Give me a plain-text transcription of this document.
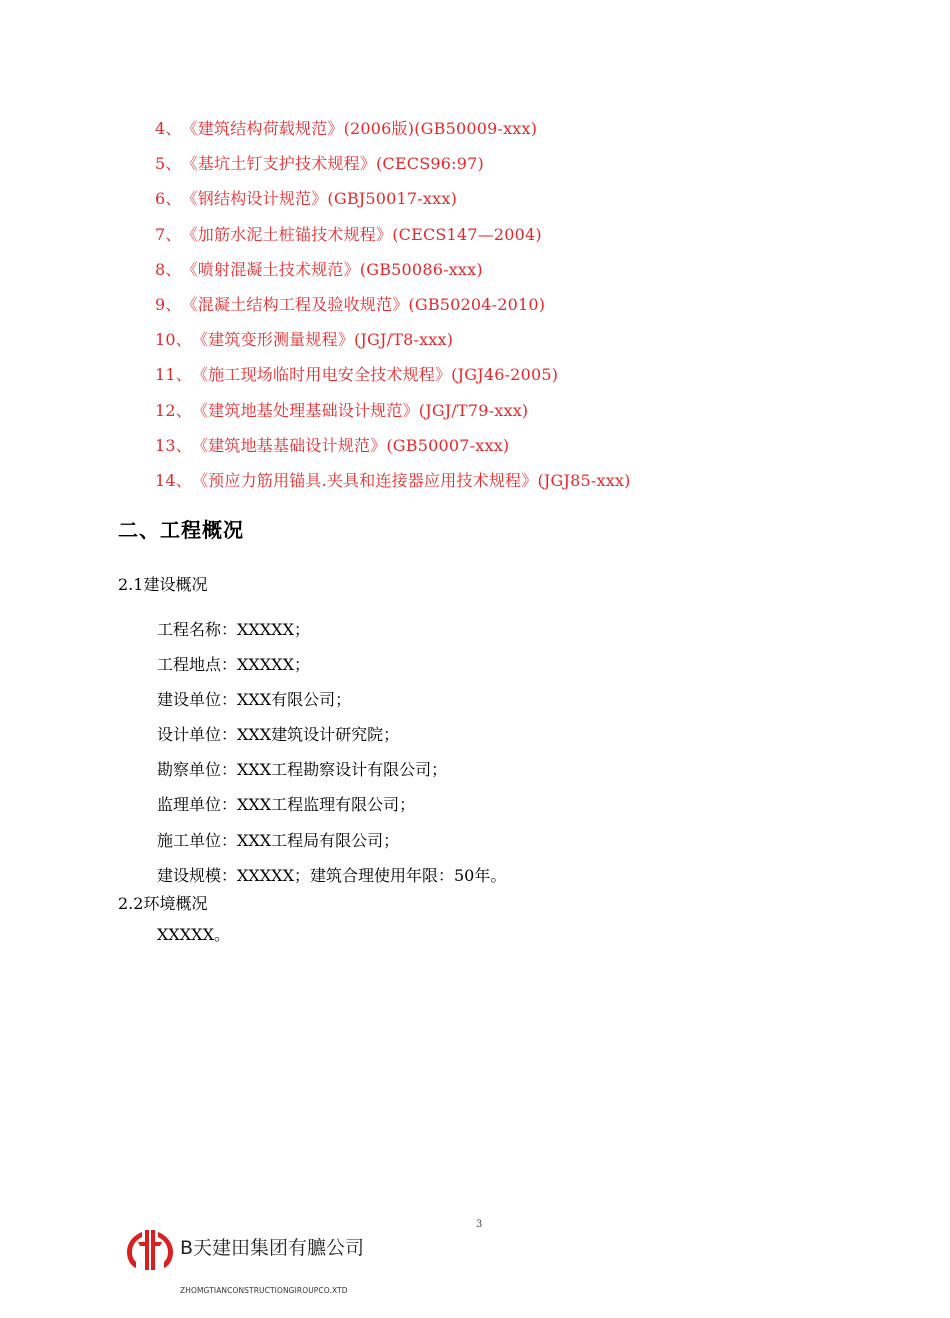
4、《建筑结构荷载规范》(2006版)(GB50009-xxx)
5、《基坑土钉支护技术规程》(CECS96:97)
6、《钢结构设计规范》(GBJ50017-xxx)
7、《加筋水泥土桩锚技术规程》(CECS147—2004)
8、《喷射混凝土技术规范》(GB50086-xxx)
9、《混凝土结构工程及验收规范》(GB50204-2010)
10、《建筑变形测量规程》(JGJ/T8-xxx)
11、《施工现场临时用电安全技术规程》(JGJ46-2005)
12、《建筑地基处理基础设计规范》(JGJ/T79-xxx)
13、《建筑地基基础设计规范》(GB50007-xxx)
14、《预应力筋用锚具.夹具和连接器应用技术规程》(JGJ85-xxx)
二、工程概况
2.1建设概况
工程名称：XXXXX；
工程地点：XXXXX；
建设单位：XXX有限公司；
设计单位：XXX建筑设计研究院；
勘察单位：XXX工程勘察设计有限公司；
监理单位：XXX工程监理有限公司；
施工单位：XXX工程局有限公司；
建设规模：XXXXX；建筑合理使用年限：50年。
2.2环境概况
XXXXX。
3
B天建田集团有臕公司
ZHOMGTIANCONSTRUCTIONGIROUPCO.XTD
